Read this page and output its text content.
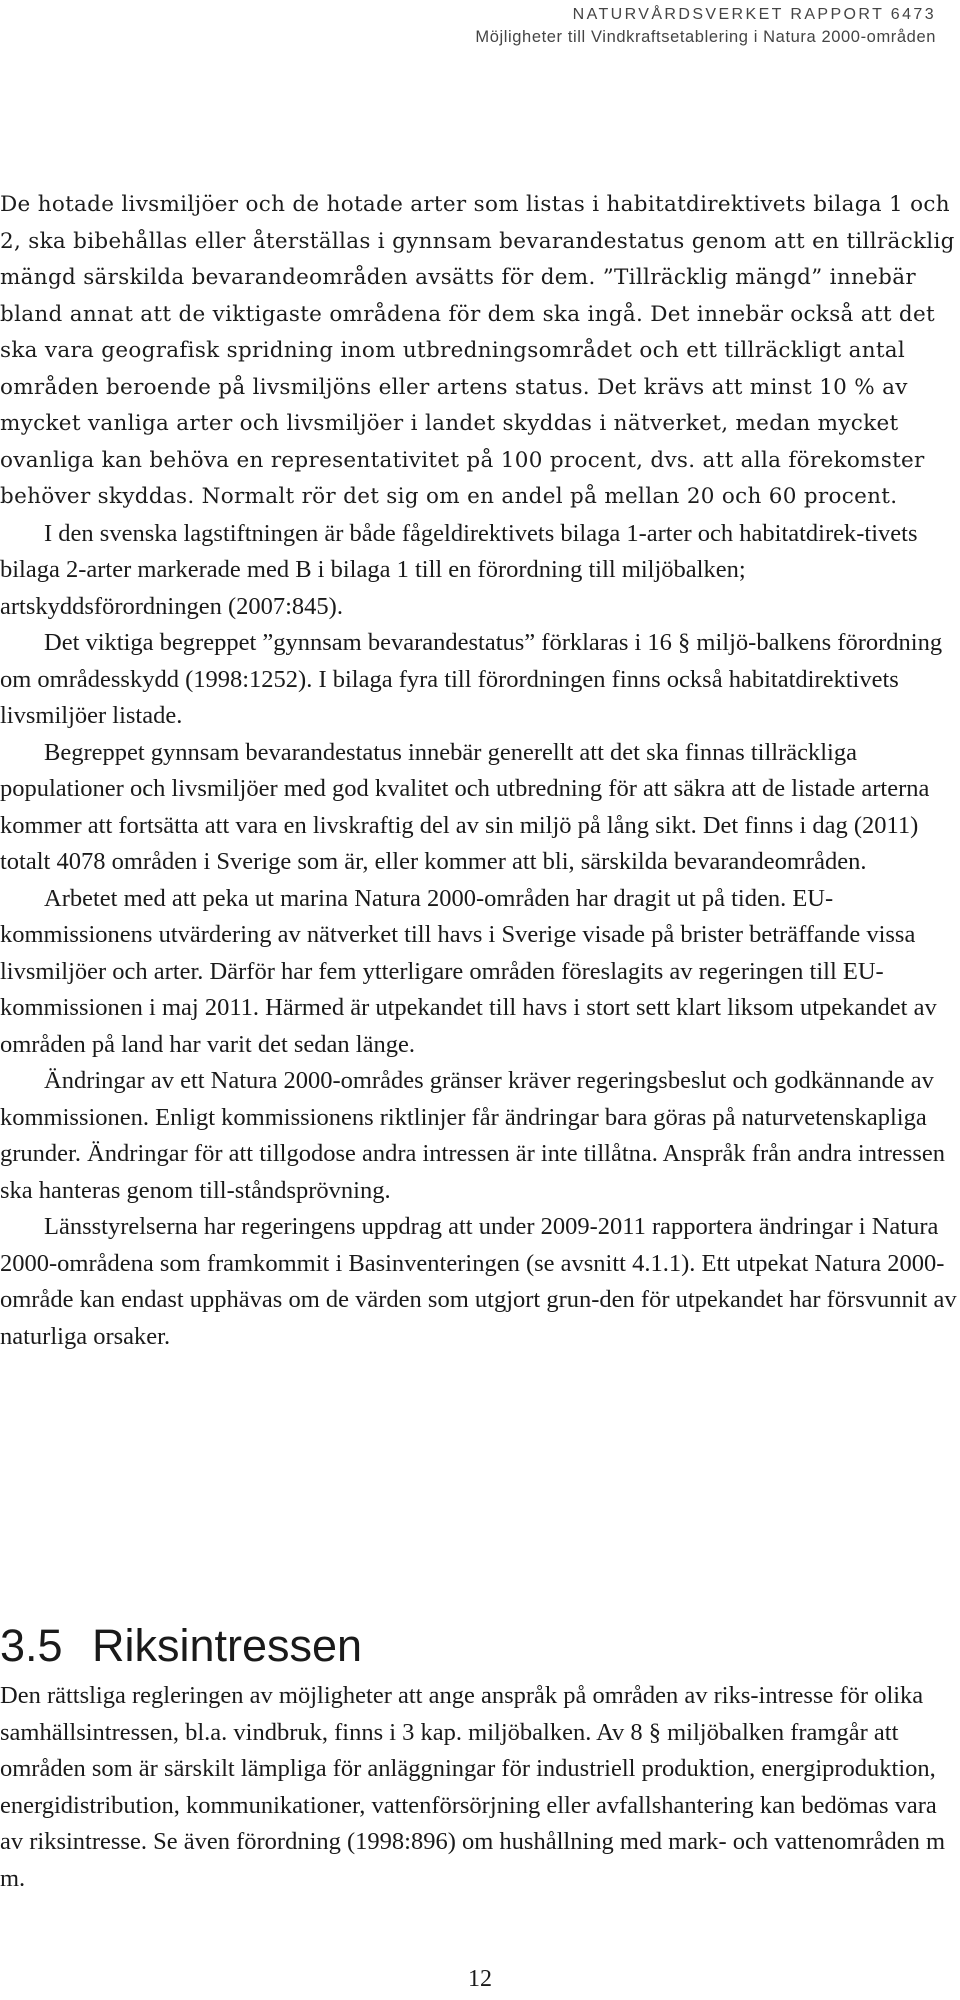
NATURVÅRDSVERKET RAPPORT 6473
Möjligheter till Vindkraftsetablering i Natura 2000-områden

De hotade livsmiljöer och de hotade arter som listas i habitatdirektivets bilaga 1 och 2, ska bibehållas eller återställas i gynnsam bevarandestatus genom att en tillräcklig mängd särskilda bevarandeområden avsätts för dem. ”Tillräcklig mängd” innebär bland annat att de viktigaste områdena för dem ska ingå. Det innebär också att det ska vara geografisk spridning inom utbredningsområdet och ett tillräckligt antal områden beroende på livsmiljöns eller artens status. Det krävs att minst 10 % av mycket vanliga arter och livsmiljöer i landet skyddas i nätverket, medan mycket ovanliga kan behöva en representativitet på 100 procent, dvs. att alla förekomster behöver skyddas. Normalt rör det sig om en andel på mellan 20 och 60 procent.

I den svenska lagstiftningen är både fågeldirektivets bilaga 1-arter och habitatdirek-tivets bilaga 2-arter markerade med B i bilaga 1 till en förordning till miljöbalken; artskyddsförordningen (2007:845).

Det viktiga begreppet ”gynnsam bevarandestatus” förklaras i 16 § miljö-balkens förordning om områdesskydd (1998:1252). I bilaga fyra till förordningen finns också habitatdirektivets livsmiljöer listade.

Begreppet gynnsam bevarandestatus innebär generellt att det ska finnas tillräckliga populationer och livsmiljöer med god kvalitet och utbredning för att säkra att de listade arterna kommer att fortsätta att vara en livskraftig del av sin miljö på lång sikt. Det finns i dag (2011) totalt 4078 områden i Sverige som är, eller kommer att bli, särskilda bevarandeområden.

Arbetet med att peka ut marina Natura 2000-områden har dragit ut på tiden. EU-kommissionens utvärdering av nätverket till havs i Sverige visade på brister beträffande vissa livsmiljöer och arter. Därför har fem ytterligare områden föreslagits av regeringen till EU-kommissionen i maj 2011. Härmed är utpekandet till havs i stort sett klart liksom utpekandet av områden på land har varit det sedan länge.

Ändringar av ett Natura 2000-områdes gränser kräver regeringsbeslut och godkännande av kommissionen. Enligt kommissionens riktlinjer får ändringar bara göras på naturvetenskapliga grunder. Ändringar för att tillgodose andra intressen är inte tillåtna. Anspråk från andra intressen ska hanteras genom till-ståndsprövning.

Länsstyrelserna har regeringens uppdrag att under 2009-2011 rapportera ändringar i Natura 2000-områdena som framkommit i Basinventeringen (se avsnitt 4.1.1). Ett utpekat Natura 2000-område kan endast upphävas om de värden som utgjort grun-den för utpekandet har försvunnit av naturliga orsaker.

3.5 Riksintressen

Den rättsliga regleringen av möjligheter att ange anspråk på områden av riks-intresse för olika samhällsintressen, bl.a. vindbruk, finns i 3 kap. miljöbalken. Av 8 § miljöbalken framgår att områden som är särskilt lämpliga för anläggningar för industriell produktion, energiproduktion, energidistribution, kommunikationer, vattenförsörjning eller avfallshantering kan bedömas vara av riksintresse. Se även förordning (1998:896) om hushållning med mark- och vattenområden m m.

12
